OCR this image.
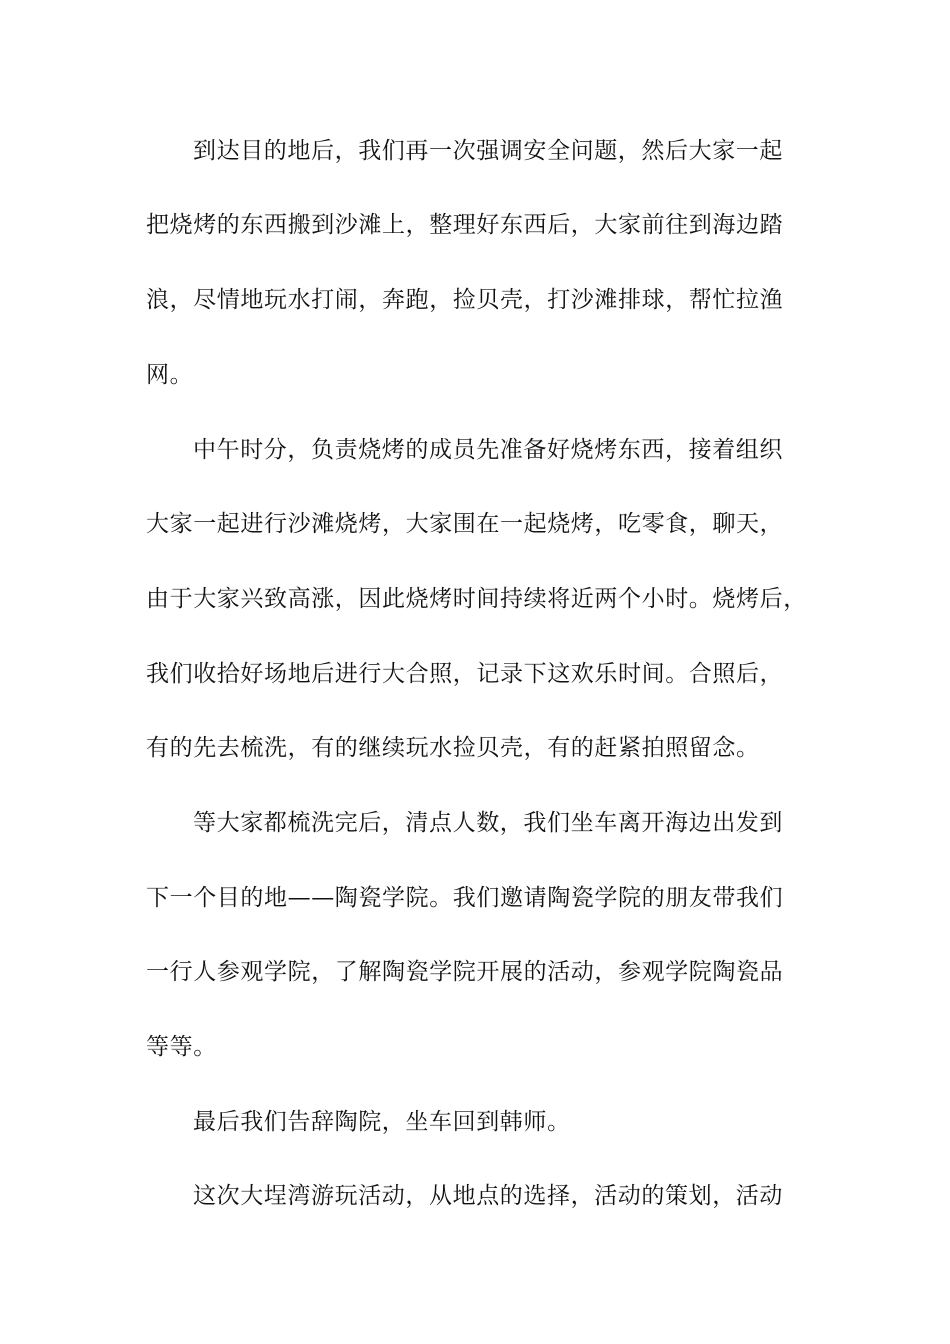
到达目的地后，我们再一次强调安全问题，然后大家一起

把烧烤的东西搬到沙滩上，整理好东西后，大家前往到海边踏

浪，尽情地玩水打闹，奔跑，捡贝壳，打沙滩排球，帮忙拉渔

网。

中午时分，负责烧烤的成员先准备好烧烤东西，接着组织

大家一起进行沙滩烧烤，大家围在一起烧烤，吃零食，聊天，

由于大家兴致高涨，因此烧烤时间持续将近两个小时。烧烤后，

我们收拾好场地后进行大合照，记录下这欢乐时间。合照后，

有的先去梳洗，有的继续玩水捡贝壳，有的赶紧拍照留念。

等大家都梳洗完后，清点人数，我们坐车离开海边出发到

下一个目的地——陶瓷学院。我们邀请陶瓷学院的朋友带我们

一行人参观学院，了解陶瓷学院开展的活动，参观学院陶瓷品

等等。

最后我们告辞陶院，坐车回到韩师。

这次大埕湾游玩活动，从地点的选择，活动的策划，活动
